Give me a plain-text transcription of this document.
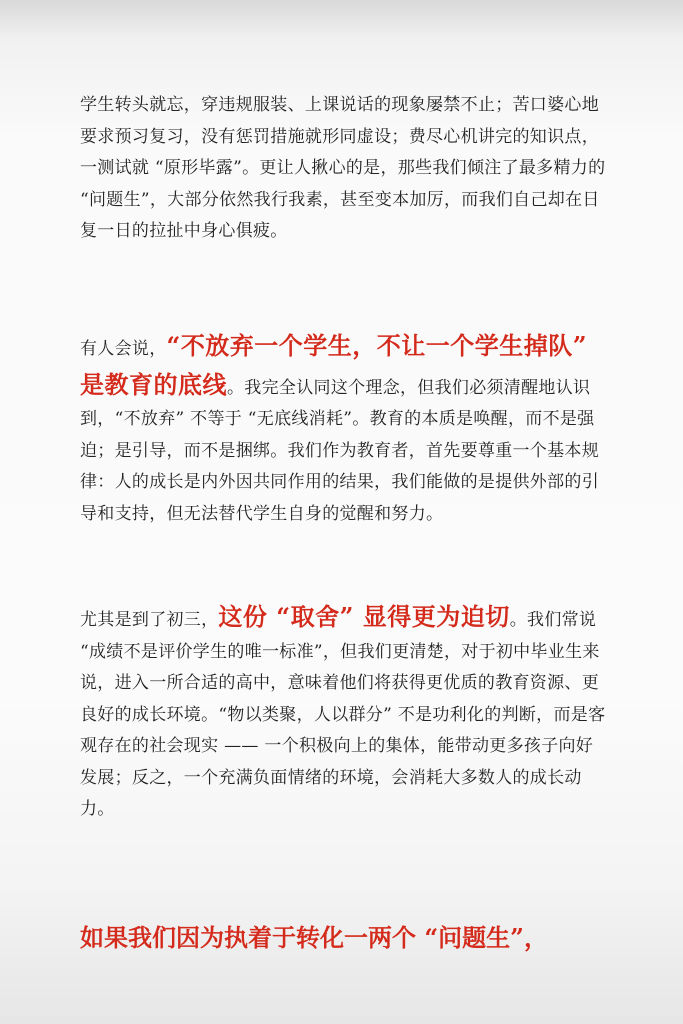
学生转头就忘，穿违规服装、上课说话的现象屡禁不止；苦口婆心地要求预习复习，没有惩罚措施就形同虚设；费尽心机讲完的知识点，一测试就 “原形毕露”。更让人揪心的是，那些我们倾注了最多精力的 “问题生”，大部分依然我行我素，甚至变本加厉，而我们自己却在日复一日的拉扯中身心俱疲。

有人会说，“不放弃一个学生，不让一个学生掉队”　是教育的底线。我完全认同这个理念，但我们必须清醒地认识到，“不放弃” 不等于 “无底线消耗”。教育的本质是唤醒，而不是强迫；是引导，而不是捆绑。我们作为教育者，首先要尊重一个基本规律：人的成长是内外因共同作用的结果，我们能做的是提供外部的引导和支持，但无法替代学生自身的觉醒和努力。

尤其是到了初三，这份 “取舍” 显得更为迫切。我们常说 “成绩不是评价学生的唯一标准”，但我们更清楚，对于初中毕业生来说，进入一所合适的高中，意味着他们将获得更优质的教育资源、更良好的成长环境。“物以类聚，人以群分” 不是功利化的判断，而是客观存在的社会现实 —— 一个积极向上的集体，能带动更多孩子向好发展；反之，一个充满负面情绪的环境，会消耗大多数人的成长动力。

如果我们因为执着于转化一两个 “问题生”，
